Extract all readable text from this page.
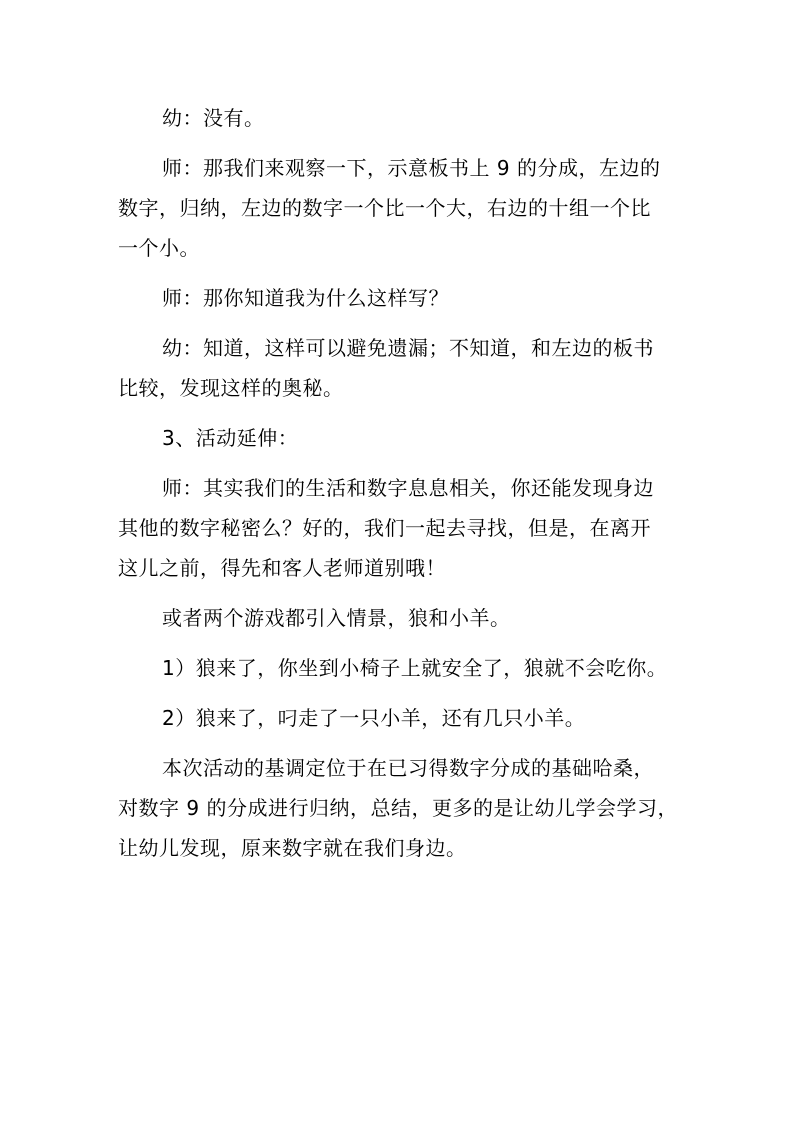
幼：没有。
师：那我们来观察一下，示意板书上 9 的分成，左边的
数字，归纳，左边的数字一个比一个大，右边的十组一个比
一个小。
师：那你知道我为什么这样写？
幼：知道，这样可以避免遗漏；不知道，和左边的板书
比较，发现这样的奥秘。
3、活动延伸：
师：其实我们的生活和数字息息相关，你还能发现身边
其他的数字秘密么？好的，我们一起去寻找，但是，在离开
这儿之前，得先和客人老师道别哦！
或者两个游戏都引入情景，狼和小羊。
1）狼来了，你坐到小椅子上就安全了，狼就不会吃你。
2）狼来了，叼走了一只小羊，还有几只小羊。
本次活动的基调定位于在已习得数字分成的基础哈桑，
对数字 9 的分成进行归纳，总结，更多的是让幼儿学会学习，
让幼儿发现，原来数字就在我们身边。
